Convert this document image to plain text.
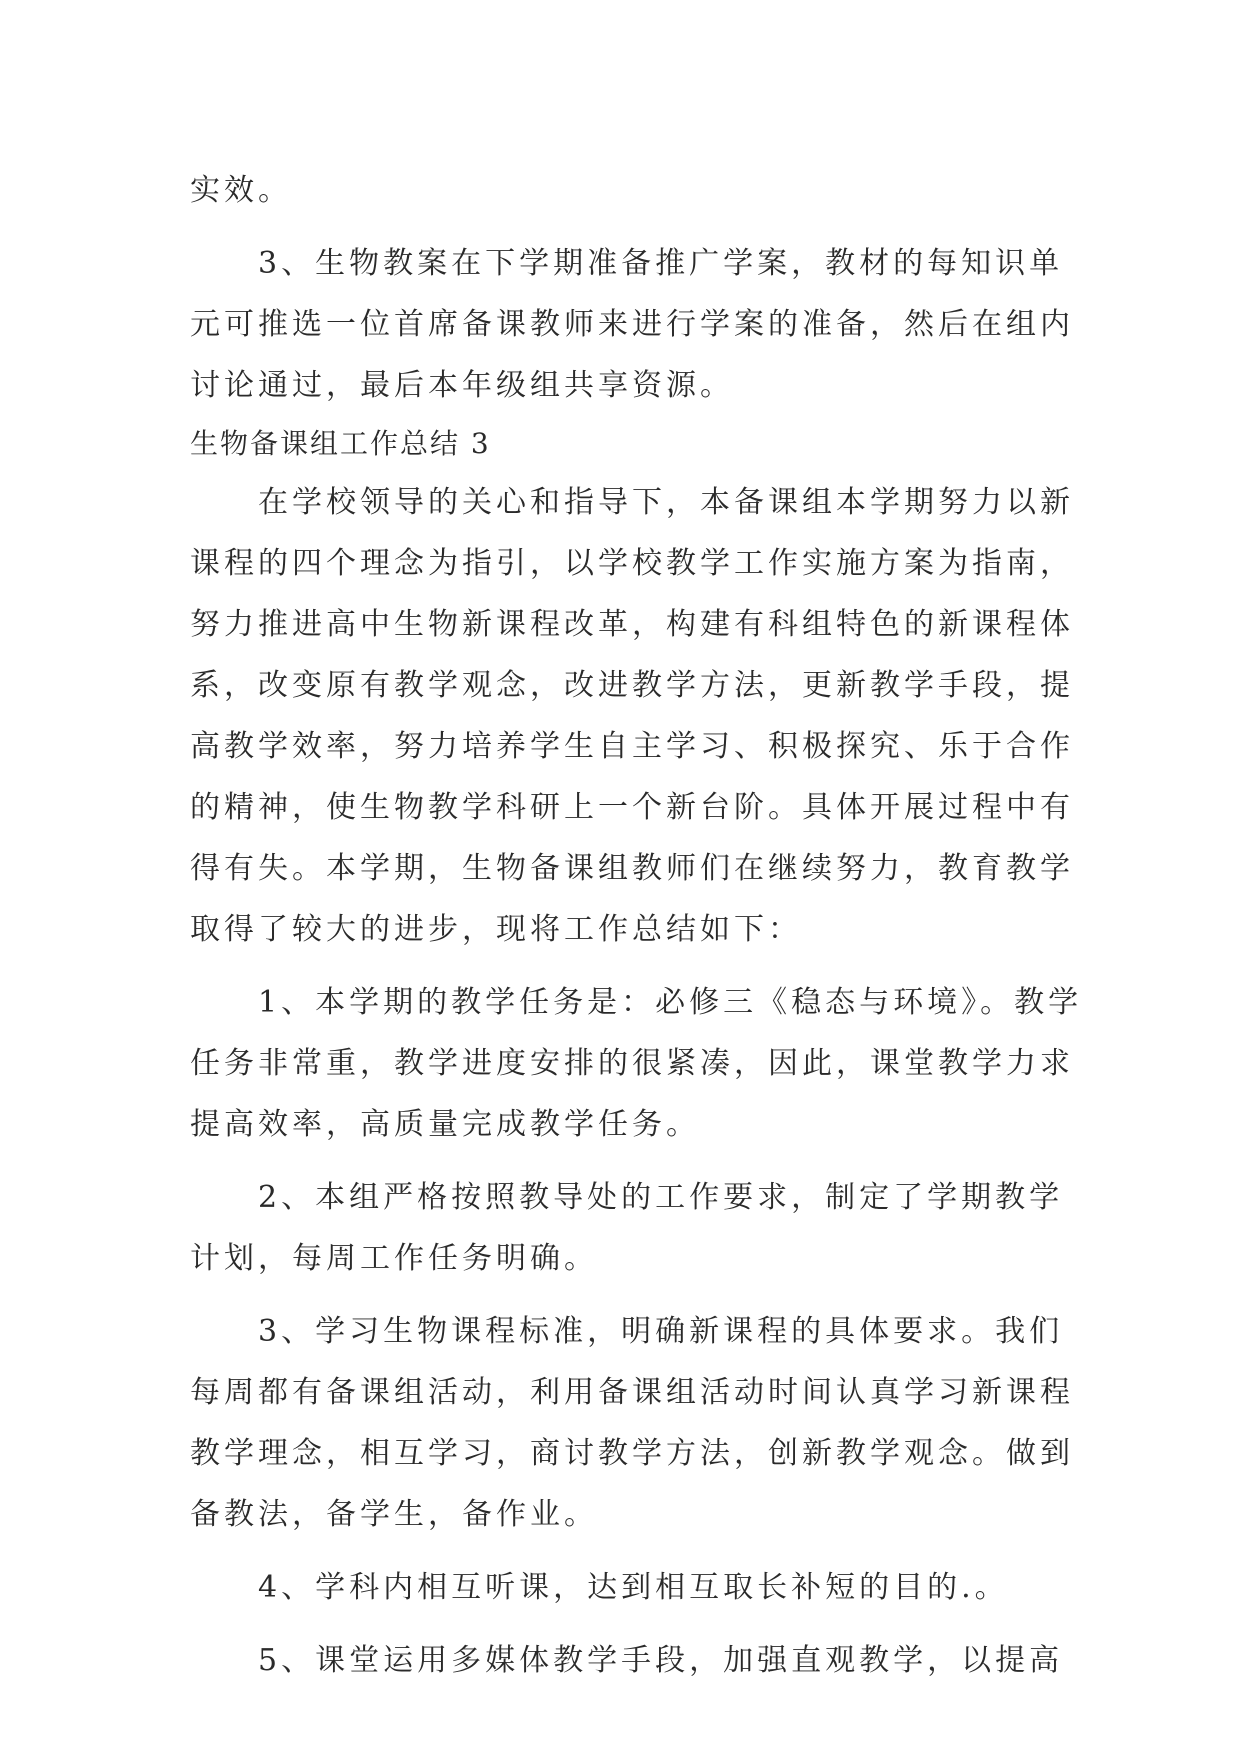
实效。
　　3、生物教案在下学期准备推广学案，教材的每知识单
元可推选一位首席备课教师来进行学案的准备，然后在组内
讨论通过，最后本年级组共享资源。
生物备课组工作总结 3
　　在学校领导的关心和指导下，本备课组本学期努力以新
课程的四个理念为指引，以学校教学工作实施方案为指南，
努力推进高中生物新课程改革，构建有科组特色的新课程体
系，改变原有教学观念，改进教学方法，更新教学手段，提
高教学效率，努力培养学生自主学习、积极探究、乐于合作
的精神，使生物教学科研上一个新台阶。具体开展过程中有
得有失。本学期，生物备课组教师们在继续努力，教育教学
取得了较大的进步，现将工作总结如下：
　　1、本学期的教学任务是：必修三《稳态与环境》。教学
任务非常重，教学进度安排的很紧凑，因此，课堂教学力求
提高效率，高质量完成教学任务。
　　2、本组严格按照教导处的工作要求，制定了学期教学
计划，每周工作任务明确。
　　3、学习生物课程标准，明确新课程的具体要求。我们
每周都有备课组活动，利用备课组活动时间认真学习新课程
教学理念，相互学习，商讨教学方法，创新教学观念。做到
备教法，备学生，备作业。
　　4、学科内相互听课，达到相互取长补短的目的.。
　　5、课堂运用多媒体教学手段，加强直观教学，以提高
